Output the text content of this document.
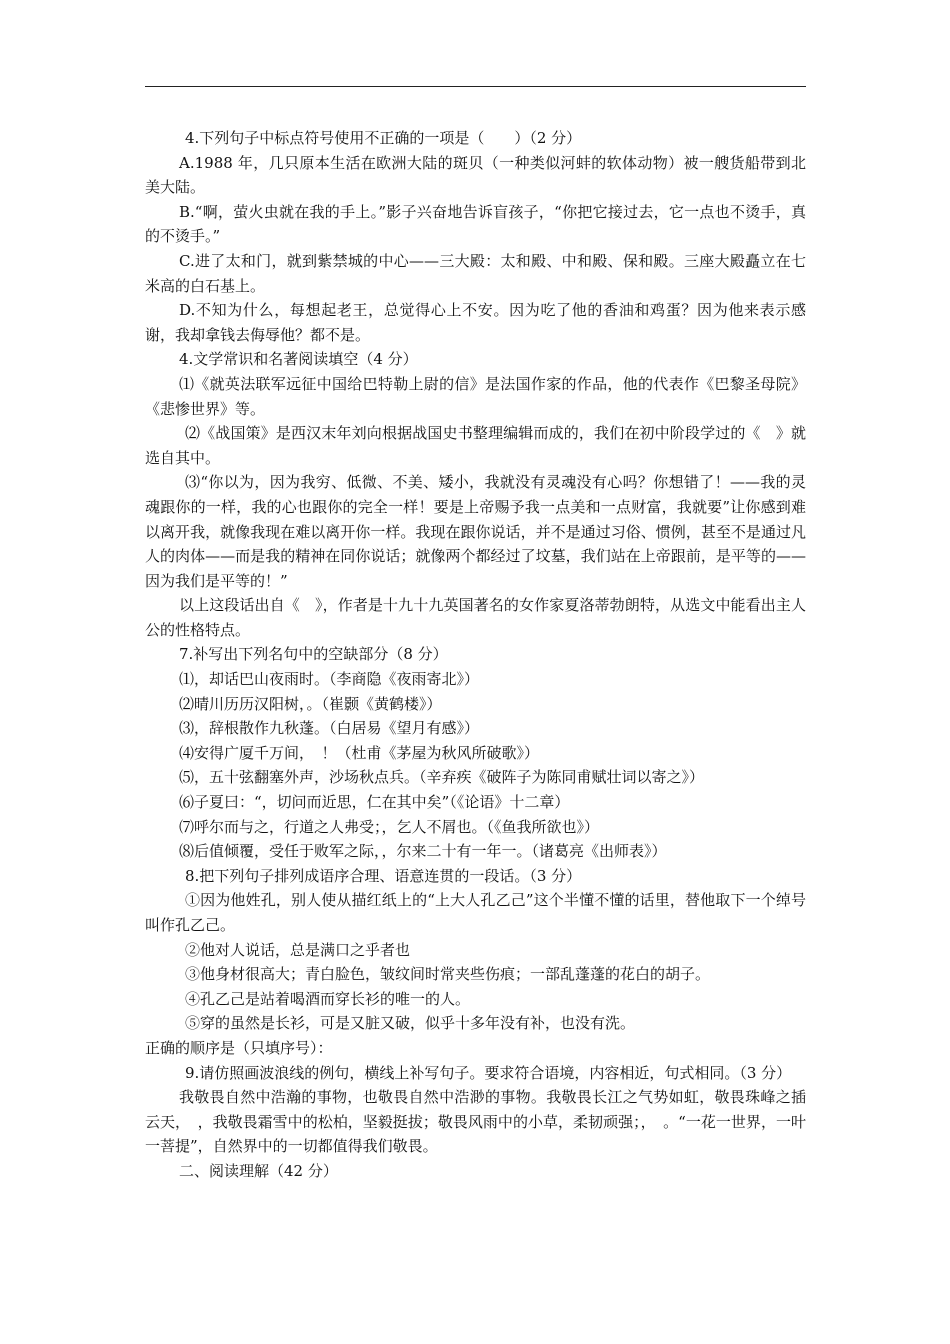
4.下列句子中标点符号使用不正确的一项是（　　）（2 分）

A.1988 年，几只原本生活在欧洲大陆的斑贝（一种类似河蚌的软体动物）被一艘货船带到北美大陆。

B.“啊，萤火虫就在我的手上。”影子兴奋地告诉盲孩子，“你把它接过去，它一点也不烫手，真的不烫手。”

C.进了太和门，就到紫禁城的中心——三大殿：太和殿、中和殿、保和殿。三座大殿矗立在七米高的白石基上。

D.不知为什么，每想起老王，总觉得心上不安。因为吃了他的香油和鸡蛋？因为他来表示感谢，我却拿钱去侮辱他？都不是。

4.文学常识和名著阅读填空（4 分）

⑴《就英法联军远征中国给巴特勒上尉的信》是法国作家的作品，他的代表作《巴黎圣母院》《悲惨世界》等。

⑵《战国策》是西汉末年刘向根据战国史书整理编辑而成的，我们在初中阶段学过的《　》就选自其中。

⑶“你以为，因为我穷、低微、不美、矮小，我就没有灵魂没有心吗？你想错了！——我的灵魂跟你的一样，我的心也跟你的完全一样！要是上帝赐予我一点美和一点财富，我就要”让你感到难以离开我，就像我现在难以离开你一样。我现在跟你说话，并不是通过习俗、惯例，甚至不是通过凡人的肉体——而是我的精神在同你说话；就像两个都经过了坟墓，我们站在上帝跟前，是平等的——因为我们是平等的！”

以上这段话出自《　》，作者是十九十九英国著名的女作家夏洛蒂勃朗特，从选文中能看出主人公的性格特点。

7.补写出下列名句中的空缺部分（8 分）

⑴，却话巴山夜雨时。（李商隐《夜雨寄北》）

⑵晴川历历汉阳树，。（崔颢《黄鹤楼》）

⑶，辞根散作九秋蓬。（白居易《望月有感》）

⑷安得广厦千万间，　！（杜甫《茅屋为秋风所破歌》）

⑸，五十弦翻塞外声，沙场秋点兵。（辛弃疾《破阵子为陈同甫赋壮词以寄之》）

⑹子夏曰：“，切问而近思，仁在其中矣”（《论语》十二章）

⑺呼尔而与之，行道之人弗受；，乞人不屑也。（《鱼我所欲也》）

⑻后值倾覆，受任于败军之际，，尔来二十有一年一。（诸葛亮《出师表》）

8.把下列句子排列成语序合理、语意连贯的一段话。（3 分）

①因为他姓孔，别人使从描红纸上的“上大人孔乙己”这个半懂不懂的话里，替他取下一个绰号叫作孔乙己。

②他对人说话，总是满口之乎者也

③他身材很高大；青白脸色，皱纹间时常夹些伤痕；一部乱蓬蓬的花白的胡子。

④孔乙己是站着喝酒而穿长衫的唯一的人。

⑤穿的虽然是长衫，可是又脏又破，似乎十多年没有补，也没有洗。

正确的顺序是（只填序号）：

9.请仿照画波浪线的例句，横线上补写句子。要求符合语境，内容相近，句式相同。（3 分）

我敬畏自然中浩瀚的事物，也敬畏自然中浩渺的事物。我敬畏长江之气势如虹，敬畏珠峰之插云天，　，我敬畏霜雪中的松柏，坚毅挺拔；敬畏风雨中的小草，柔韧顽强；，　。“一花一世界，一叶一菩提”，自然界中的一切都值得我们敬畏。

二、阅读理解（42 分）
